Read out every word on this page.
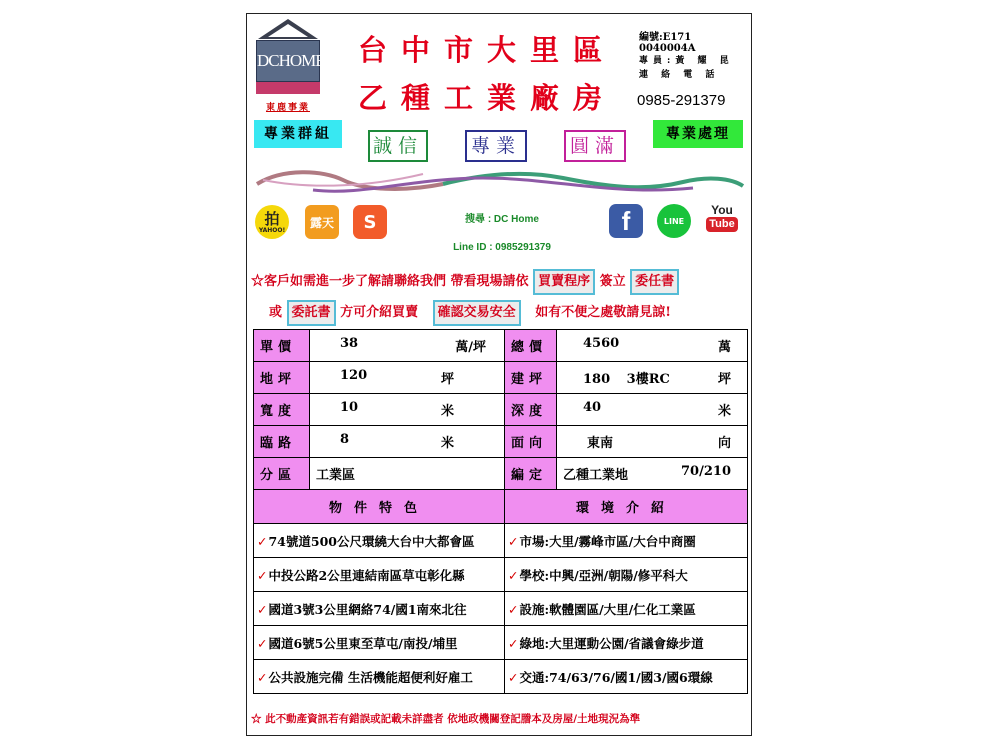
DCHOME
東鹿事業
台中市大里區
乙種工業廠房
編號:E171 0040004A
專員:黃 耀 昆
連 絡 電 話
0985-291379
專業群組
誠信	專業	圓滿
專業處理
拍
YAHOO!
露天	S	搜尋 : DC Home
Line ID : 0985291379
f	LINE
You
Tube
☆客戶如需進一步了解請聯絡我們 帶看現場請依 買賣程序 簽立 委任書
或 委託書 方可介紹買賣 確認交易安全 如有不便之處敬請見諒!
單價	38 萬/坪	總價	4560 萬

地坪	120 坪	建坪	180 3樓RC 坪

寬度	10 米	深度	40 米

臨路	8 米	面向	東南 向

分區	工業區	編定	乙種工業地 70/210

物件特色		環境介紹	
✓74號道500公尺環繞大台中大都會區		✓市場:大里/霧峰市區/大台中商圈	
✓中投公路2公里連結南區草屯彰化縣		✓學校:中興/亞洲/朝陽/修平科大	
✓國道3號3公里網絡74/國1南來北往		✓設施:軟體園區/大里/仁化工業區	
✓國道6號5公里東至草屯/南投/埔里		✓綠地:大里運動公園/省議會綠步道	
✓公共設施完備 生活機能超便利好雇工		✓交通:74/63/76/國1/國3/國6環線	
☆ 此不動產資訊若有錯誤或記載未詳盡者 依地政機關登記謄本及房屋/土地現況為準
